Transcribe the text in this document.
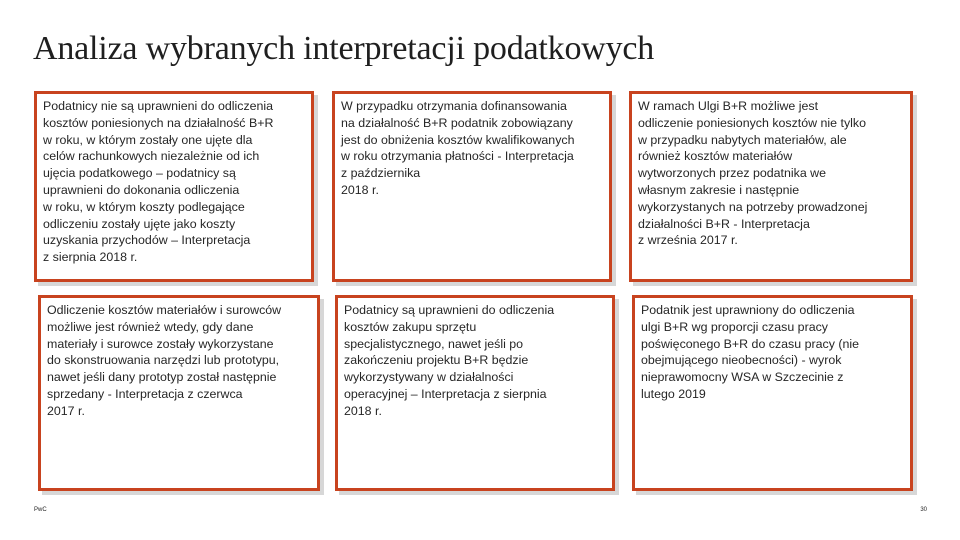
Analiza wybranych interpretacji podatkowych
Podatnicy nie są uprawnieni do odliczenia
kosztów poniesionych na działalność B+R
w roku, w którym zostały one ujęte dla
celów rachunkowych niezależnie od ich
ujęcia podatkowego – podatnicy są
uprawnieni do dokonania odliczenia
w roku, w którym koszty podlegające
odliczeniu zostały ujęte jako koszty
uzyskania przychodów – Interpretacja
z sierpnia 2018 r.
W przypadku otrzymania dofinansowania
na działalność B+R podatnik zobowiązany
jest do obniżenia kosztów kwalifikowanych
w roku otrzymania płatności - Interpretacja
z października
2018 r.
W ramach Ulgi B+R możliwe jest
odliczenie poniesionych kosztów nie tylko
w przypadku nabytych materiałów, ale
również kosztów materiałów
wytworzonych przez podatnika we
własnym zakresie i następnie
wykorzystanych na potrzeby prowadzonej
działalności B+R - Interpretacja
z września 2017 r.
Odliczenie kosztów materiałów i surowców
możliwe jest również wtedy, gdy dane
materiały i surowce zostały wykorzystane
do skonstruowania narzędzi lub prototypu,
nawet jeśli dany prototyp został następnie
sprzedany - Interpretacja z czerwca
2017 r.
Podatnicy są uprawnieni do odliczenia
kosztów zakupu sprzętu
specjalistycznego, nawet jeśli po
zakończeniu projektu B+R będzie
wykorzystywany w działalności
operacyjnej – Interpretacja z sierpnia
2018 r.
Podatnik jest uprawniony do odliczenia
ulgi B+R wg proporcji czasu pracy
poświęconego B+R do czasu pracy (nie
obejmującego nieobecności) - wyrok
nieprawomocny WSA w Szczecinie z
lutego 2019
PwC	30
